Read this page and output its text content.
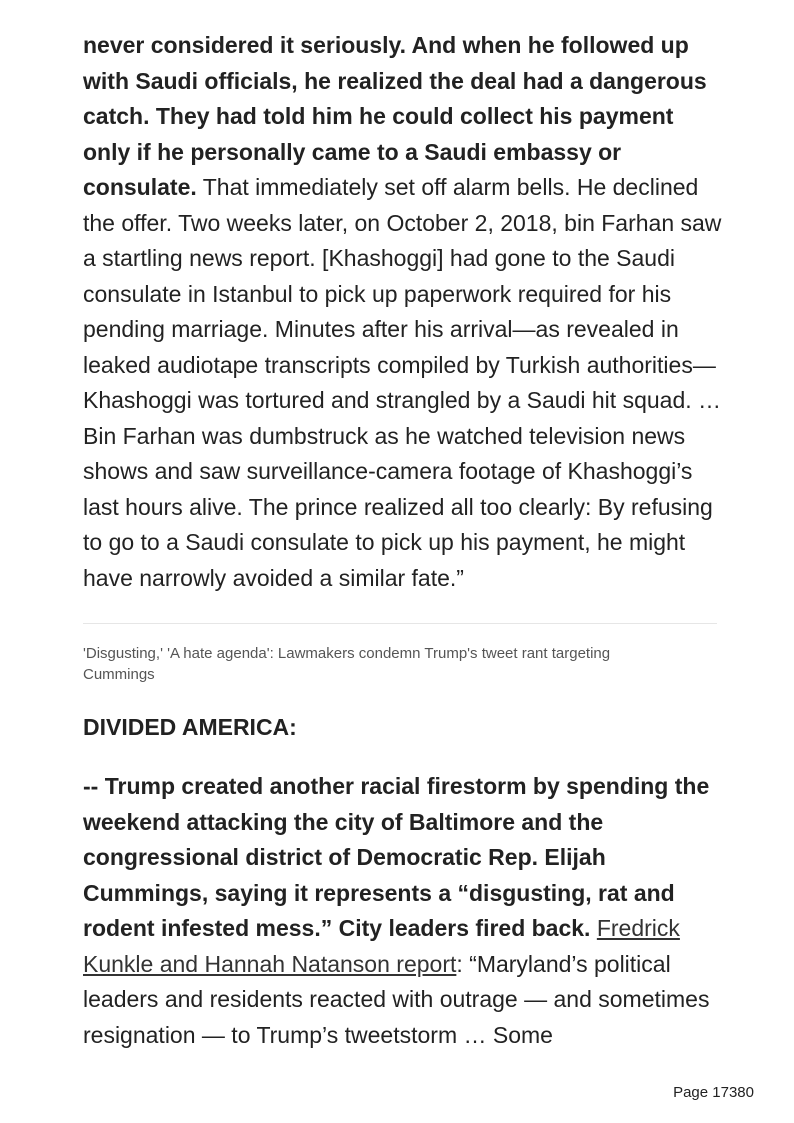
never considered it seriously. And when he followed up with Saudi officials, he realized the deal had a dangerous catch. They had told him he could collect his payment only if he personally came to a Saudi embassy or consulate. That immediately set off alarm bells. He declined the offer. Two weeks later, on October 2, 2018, bin Farhan saw a startling news report. [Khashoggi] had gone to the Saudi consulate in Istanbul to pick up paperwork required for his pending marriage. Minutes after his arrival—as revealed in leaked audiotape transcripts compiled by Turkish authorities—Khashoggi was tortured and strangled by a Saudi hit squad. … Bin Farhan was dumbstruck as he watched television news shows and saw surveillance-camera footage of Khashoggi’s last hours alive. The prince realized all too clearly: By refusing to go to a Saudi consulate to pick up his payment, he might have narrowly avoided a similar fate.”

'Disgusting,' 'A hate agenda': Lawmakers condemn Trump's tweet rant targeting Cummings
DIVIDED AMERICA:

-- Trump created another racial firestorm by spending the weekend attacking the city of Baltimore and the congressional district of Democratic Rep. Elijah Cummings, saying it represents a “disgusting, rat and rodent infested mess.” City leaders fired back. Fredrick Kunkle and Hannah Natanson report: “Maryland’s political leaders and residents reacted with outrage — and sometimes resignation — to Trump’s tweetstorm … Some

Page 17380
